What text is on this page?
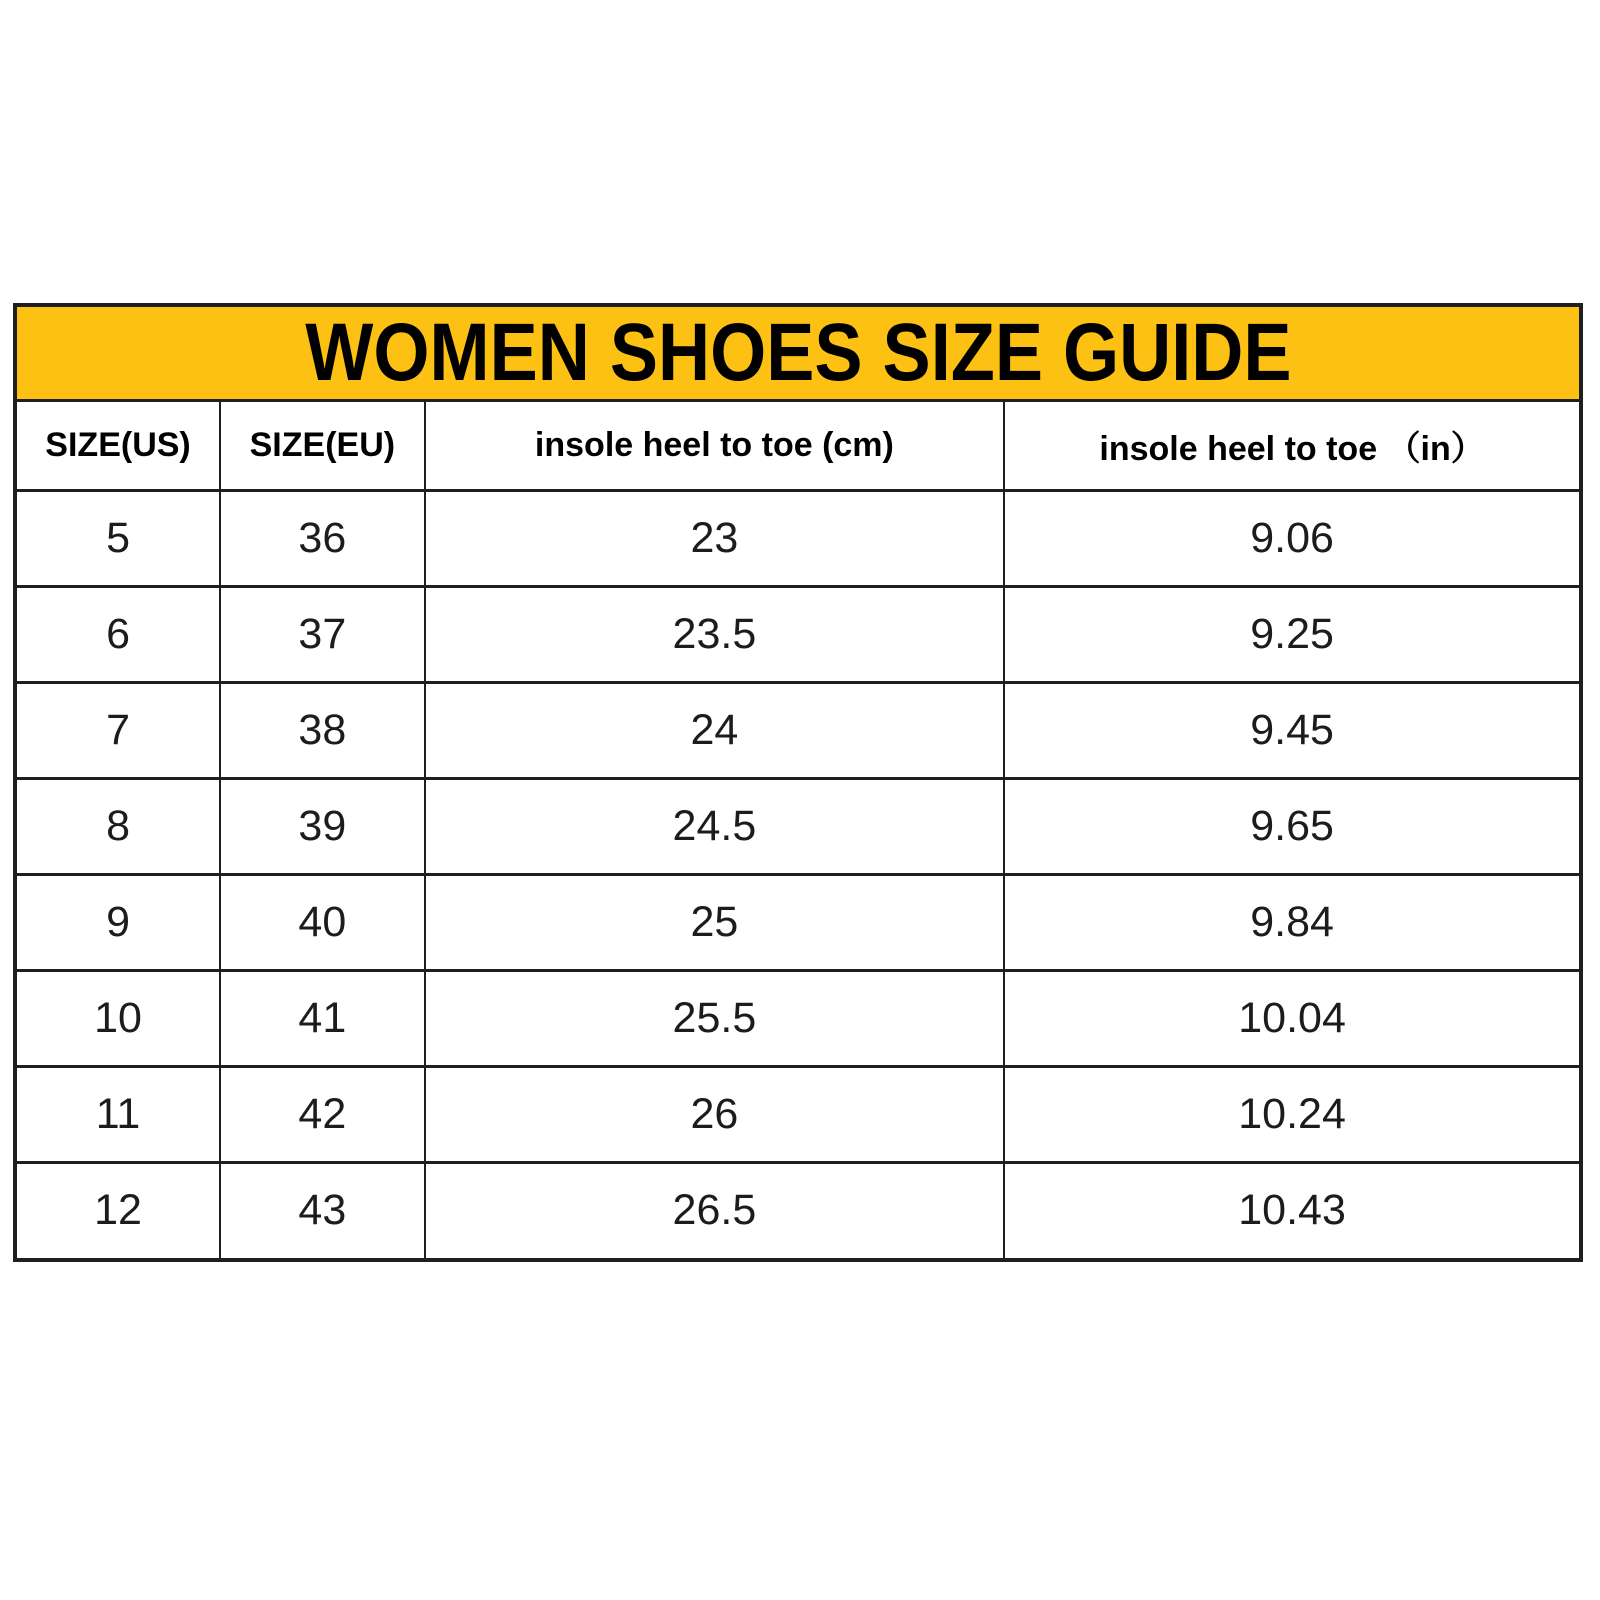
WOMEN SHOES SIZE GUIDE
SIZE(US)	SIZE(EU)	insole heel to toe (cm)	insole heel to toe （in）
5	36	23	9.06
6	37	23.5	9.25
7	38	24	9.45
8	39	24.5	9.65
9	40	25	9.84
10	41	25.5	10.04
11	42	26	10.24
12	43	26.5	10.43
